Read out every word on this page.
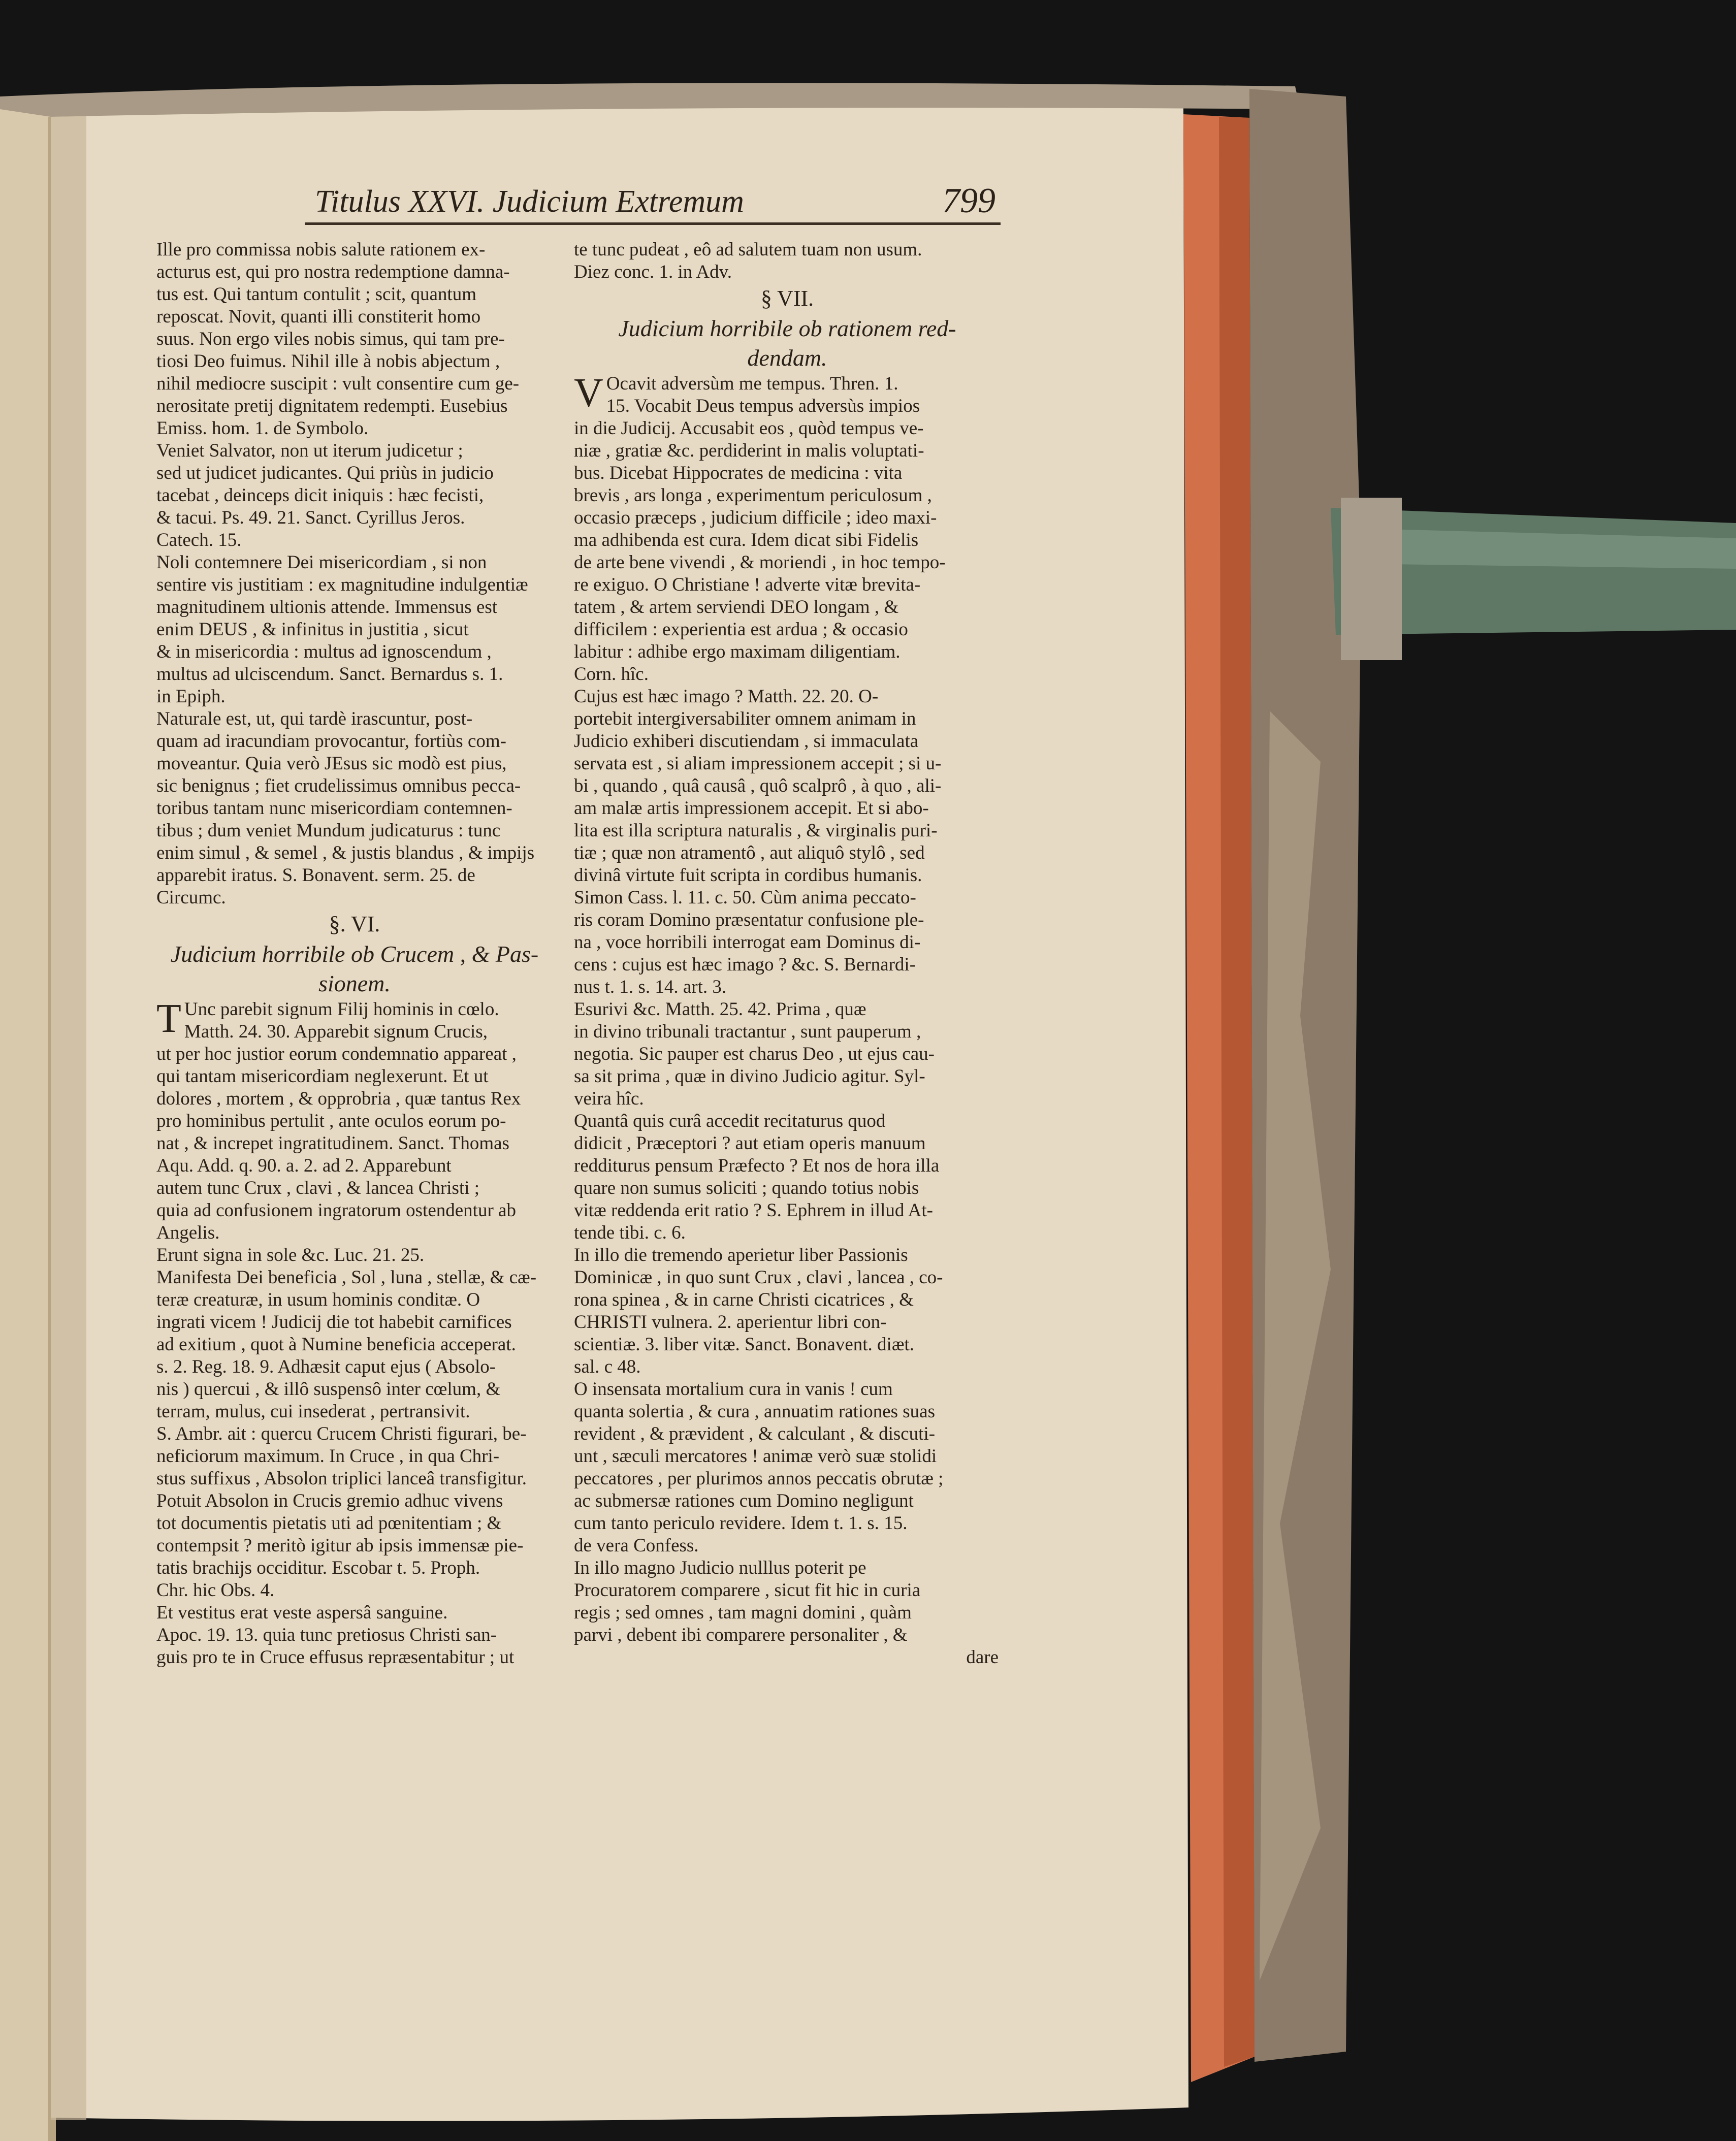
Titulus XXVI. Judicium Extremum	799
Ille pro commissa nobis salute rationem ex-
acturus est, qui pro nostra redemptione damna-
tus est. Qui tantum contulit ; scit, quantum
reposcat. Novit, quanti illi constiterit homo
suus. Non ergo viles nobis simus, qui tam pre-
tiosi Deo fuimus. Nihil ille à nobis abjectum ,
nihil mediocre suscipit : vult consentire cum ge-
nerositate pretij dignitatem redempti. Eusebius
Emiss. hom. 1. de Symbolo.
Veniet Salvator, non ut iterum judicetur ;
sed ut judicet judicantes. Qui priùs in judicio
tacebat , deinceps dicit iniquis : hæc fecisti,
& tacui. Ps. 49. 21. Sanct. Cyrillus Jeros.
Catech. 15.
Noli contemnere Dei misericordiam , si non
sentire vis justitiam : ex magnitudine indulgentiæ
magnitudinem ultionis attende. Immensus est
enim DEUS , & infinitus in justitia , sicut
& in misericordia : multus ad ignoscendum ,
multus ad ulciscendum. Sanct. Bernardus s. 1.
in Epiph.
Naturale est, ut, qui tardè irascuntur, post-
quam ad iracundiam provocantur, fortiùs com-
moveantur. Quia verò JEsus sic modò est pius,
sic benignus ; fiet crudelissimus omnibus pecca-
toribus tantam nunc misericordiam contemnen-
tibus ; dum veniet Mundum judicaturus : tunc
enim simul , & semel , & justis blandus , & impijs
apparebit iratus. S. Bonavent. serm. 25. de
Circumc.
§. VI.
Judicium horribile ob Crucem , & Pas-
sionem.
T Unc parebit signum Filij hominis in cœlo.
Matth. 24. 30. Apparebit signum Crucis,
ut per hoc justior eorum condemnatio appareat ,
qui tantam misericordiam neglexerunt. Et ut
dolores , mortem , & opprobria , quæ tantus Rex
pro hominibus pertulit , ante oculos eorum po-
nat , & increpet ingratitudinem. Sanct. Thomas
Aqu. Add. q. 90. a. 2. ad 2. Apparebunt
autem tunc Crux , clavi , & lancea Christi ;
quia ad confusionem ingratorum ostendentur ab
Angelis.
Erunt signa in sole &c. Luc. 21. 25.
Manifesta Dei beneficia , Sol , luna , stellæ, & cæ-
teræ creaturæ, in usum hominis conditæ. O
ingrati vicem ! Judicij die tot habebit carnifices
ad exitium , quot à Numine beneficia acceperat.
s. 2. Reg. 18. 9. Adhæsit caput ejus ( Absolo-
nis ) quercui , & illô suspensô inter cœlum, &
terram, mulus, cui insederat , pertransivit.
S. Ambr. ait : quercu Crucem Christi figurari, be-
neficiorum maximum. In Cruce , in qua Chri-
stus suffixus , Absolon triplici lanceâ transfigitur.
Potuit Absolon in Crucis gremio adhuc vivens
tot documentis pietatis uti ad pœnitentiam ; &
contempsit ? meritò igitur ab ipsis immensæ pie-
tatis brachijs occiditur. Escobar t. 5. Proph.
Chr. hic Obs. 4.
Et vestitus erat veste aspersâ sanguine.
Apoc. 19. 13. quia tunc pretiosus Christi san-
guis pro te in Cruce effusus repræsentabitur ; ut
te tunc pudeat , eô ad salutem tuam non usum.
Diez conc. 1. in Adv.
§ VII.
Judicium horribile ob rationem red-
dendam.
V Ocavit adversùm me tempus. Thren. 1.
15. Vocabit Deus tempus adversùs impios
in die Judicij. Accusabit eos , quòd tempus ve-
niæ , gratiæ &c. perdiderint in malis voluptati-
bus. Dicebat Hippocrates de medicina : vita
brevis , ars longa , experimentum periculosum ,
occasio præceps , judicium difficile ; ideo maxi-
ma adhibenda est cura. Idem dicat sibi Fidelis
de arte bene vivendi , & moriendi , in hoc tempo-
re exiguo. O Christiane ! adverte vitæ brevita-
tatem , & artem serviendi DEO longam , &
difficilem : experientia est ardua ; & occasio
labitur : adhibe ergo maximam diligentiam.
Corn. hîc.
Cujus est hæc imago ? Matth. 22. 20. O-
portebit intergiversabiliter omnem animam in
Judicio exhiberi discutiendam , si immaculata
servata est , si aliam impressionem accepit ; si u-
bi , quando , quâ causâ , quô scalprô , à quo , ali-
am malæ artis impressionem accepit. Et si abo-
lita est illa scriptura naturalis , & virginalis puri-
tiæ ; quæ non atramentô , aut aliquô stylô , sed
divinâ virtute fuit scripta in cordibus humanis.
Simon Cass. l. 11. c. 50. Cùm anima peccato-
ris coram Domino præsentatur confusione ple-
na , voce horribili interrogat eam Dominus di-
cens : cujus est hæc imago ? &c. S. Bernardi-
nus t. 1. s. 14. art. 3.
Esurivi &c. Matth. 25. 42. Prima , quæ
in divino tribunali tractantur , sunt pauperum ,
negotia. Sic pauper est charus Deo , ut ejus cau-
sa sit prima , quæ in divino Judicio agitur. Syl-
veira hîc.
Quantâ quis curâ accedit recitaturus quod
didicit , Præceptori ? aut etiam operis manuum
redditurus pensum Præfecto ? Et nos de hora illa
quare non sumus soliciti ; quando totius nobis
vitæ reddenda erit ratio ? S. Ephrem in illud At-
tende tibi. c. 6.
In illo die tremendo aperietur liber Passionis
Dominicæ , in quo sunt Crux , clavi , lancea , co-
rona spinea , & in carne Christi cicatrices , &
CHRISTI vulnera. 2. aperientur libri con-
scientiæ. 3. liber vitæ. Sanct. Bonavent. diæt.
sal. c 48.
O insensata mortalium cura in vanis ! cum
quanta solertia , & cura , annuatim rationes suas
revident , & prævident , & calculant , & discuti-
unt , sæculi mercatores ! animæ verò suæ stolidi
peccatores , per plurimos annos peccatis obrutæ ;
ac submersæ rationes cum Domino negligunt
cum tanto periculo revidere. Idem t. 1. s. 15.
de vera Confess.
In illo magno Judicio nulllus poterit pe
Procuratorem comparere , sicut fit hic in curia
regis ; sed omnes , tam magni domini , quàm
parvi , debent ibi comparere personaliter , &
dare
